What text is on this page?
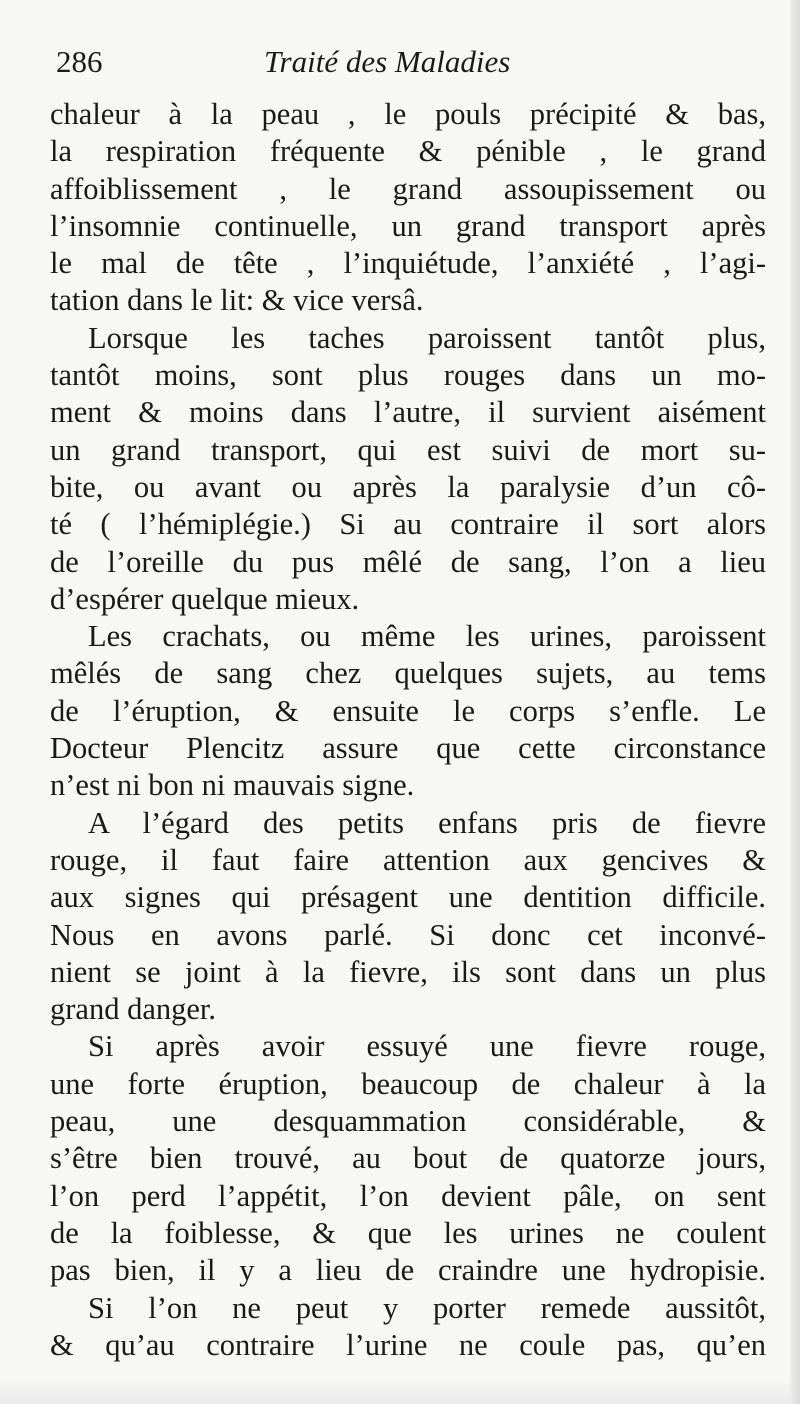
286	Traité des Maladies
chaleur à la peau , le pouls précipité & bas,
la respiration fréquente & pénible , le grand
affoiblissement , le grand assoupissement ou
l’insomnie continuelle, un grand transport après
le mal de tête , l’inquiétude, l’anxiété , l’agi-
tation dans le lit: & vice versâ.
Lorsque les taches paroissent tantôt plus,
tantôt moins, sont plus rouges dans un mo-
ment & moins dans l’autre, il survient aisément
un grand transport, qui est suivi de mort su-
bite, ou avant ou après la paralysie d’un cô-
té ( l’hémiplégie.) Si au contraire il sort alors
de l’oreille du pus mêlé de sang, l’on a lieu
d’espérer quelque mieux.
Les crachats, ou même les urines, paroissent
mêlés de sang chez quelques sujets, au tems
de l’éruption, & ensuite le corps s’enfle. Le
Docteur Plencitz assure que cette circonstance
n’est ni bon ni mauvais signe.
A l’égard des petits enfans pris de fievre
rouge, il faut faire attention aux gencives &
aux signes qui présagent une dentition difficile.
Nous en avons parlé. Si donc cet inconvé-
nient se joint à la fievre, ils sont dans un plus
grand danger.
Si après avoir essuyé une fievre rouge,
une forte éruption, beaucoup de chaleur à la
peau, une desquammation considérable, &
s’être bien trouvé, au bout de quatorze jours,
l’on perd l’appétit, l’on devient pâle, on sent
de la foiblesse, & que les urines ne coulent
pas bien, il y a lieu de craindre une hydropisie.
Si l’on ne peut y porter remede aussitôt,
& qu’au contraire l’urine ne coule pas, qu’en
